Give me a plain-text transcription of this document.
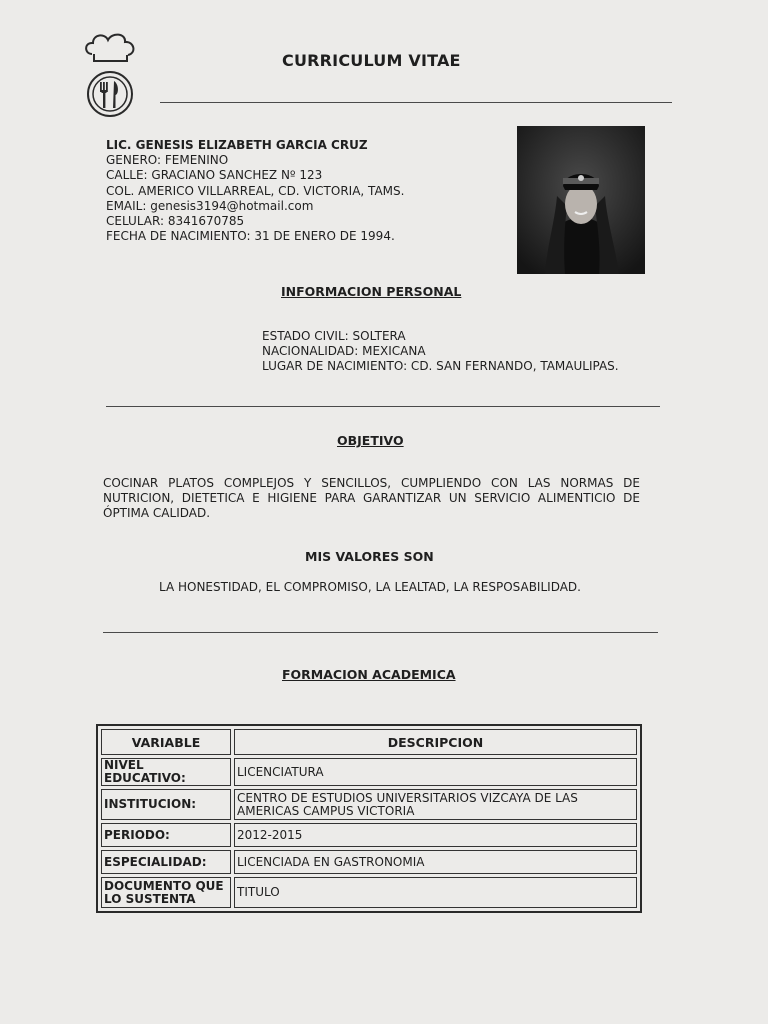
CURRICULUM VITAE
LIC. GENESIS ELIZABETH GARCIA CRUZ
GENERO: FEMENINO
CALLE: GRACIANO SANCHEZ Nº 123
COL. AMERICO VILLARREAL, CD. VICTORIA, TAMS.
EMAIL: genesis3194@hotmail.com
CELULAR: 8341670785
FECHA DE NACIMIENTO: 31 DE ENERO DE 1994.
INFORMACION PERSONAL
ESTADO CIVIL: SOLTERA
NACIONALIDAD: MEXICANA
LUGAR DE NACIMIENTO: CD. SAN FERNANDO, TAMAULIPAS.
OBJETIVO
COCINAR PLATOS COMPLEJOS Y SENCILLOS, CUMPLIENDO CON LAS NORMAS DE NUTRICION, DIETETICA E HIGIENE PARA GARANTIZAR UN SERVICIO ALIMENTICIO DE ÓPTIMA CALIDAD.
MIS VALORES SON
LA HONESTIDAD, EL COMPROMISO, LA LEALTAD, LA RESPOSABILIDAD.
FORMACION ACADEMICA
VARIABLE	DESCRIPCION
NIVEL EDUCATIVO:	LICENCIATURA
INSTITUCION:	CENTRO DE ESTUDIOS UNIVERSITARIOS VIZCAYA DE LAS AMERICAS CAMPUS VICTORIA
PERIODO:	2012-2015
ESPECIALIDAD:	LICENCIADA EN GASTRONOMIA
DOCUMENTO QUE LO SUSTENTA	TITULO
